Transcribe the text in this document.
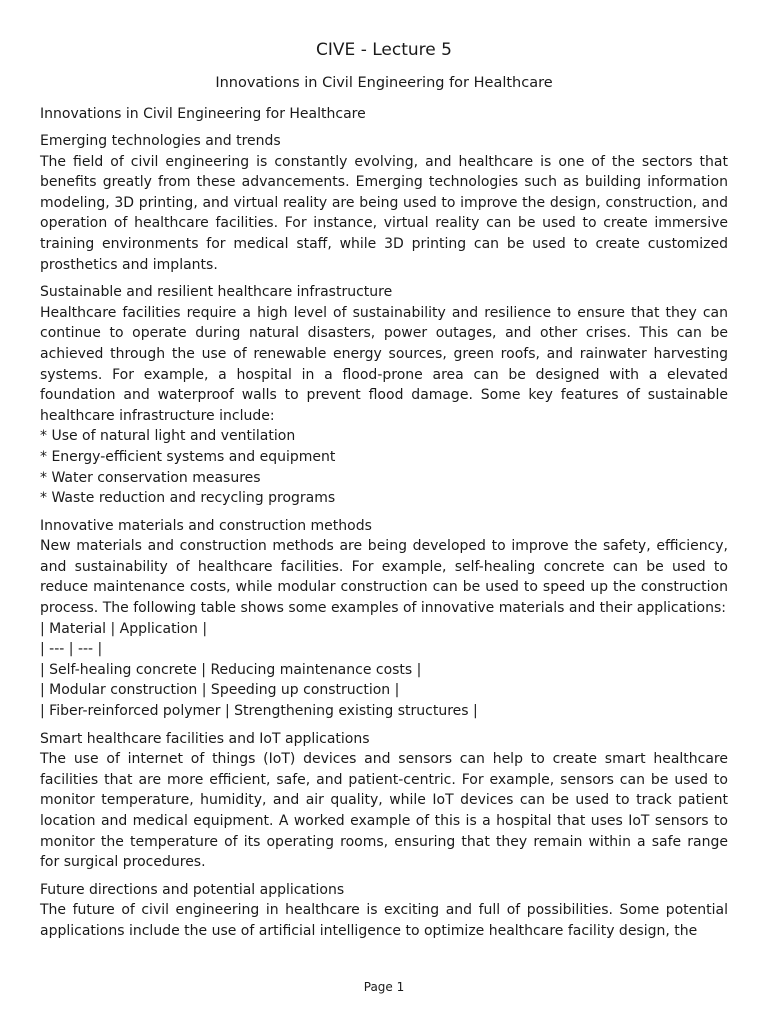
CIVE - Lecture 5
Innovations in Civil Engineering for Healthcare
Innovations in Civil Engineering for Healthcare
Emerging technologies and trends

The field of civil engineering is constantly evolving, and healthcare is one of the sectors that benefits greatly from these advancements. Emerging technologies such as building information modeling, 3D printing, and virtual reality are being used to improve the design, construction, and operation of healthcare facilities. For instance, virtual reality can be used to create immersive training environments for medical staff, while 3D printing can be used to create customized prosthetics and implants.

Sustainable and resilient healthcare infrastructure

Healthcare facilities require a high level of sustainability and resilience to ensure that they can continue to operate during natural disasters, power outages, and other crises. This can be achieved through the use of renewable energy sources, green roofs, and rainwater harvesting systems. For example, a hospital in a flood-prone area can be designed with a elevated foundation and waterproof walls to prevent flood damage. Some key features of sustainable healthcare infrastructure include:

* Use of natural light and ventilation
* Energy-efficient systems and equipment
* Water conservation measures
* Waste reduction and recycling programs
Innovative materials and construction methods

New materials and construction methods are being developed to improve the safety, efficiency, and sustainability of healthcare facilities. For example, self-healing concrete can be used to reduce maintenance costs, while modular construction can be used to speed up the construction process. The following table shows some examples of innovative materials and their applications:

| Material | Application |
| --- | --- |
| Self-healing concrete | Reducing maintenance costs |
| Modular construction | Speeding up construction |
| Fiber-reinforced polymer | Strengthening existing structures |
Smart healthcare facilities and IoT applications

The use of internet of things (IoT) devices and sensors can help to create smart healthcare facilities that are more efficient, safe, and patient-centric. For example, sensors can be used to monitor temperature, humidity, and air quality, while IoT devices can be used to track patient location and medical equipment. A worked example of this is a hospital that uses IoT sensors to monitor the temperature of its operating rooms, ensuring that they remain within a safe range for surgical procedures.

Future directions and potential applications

The future of civil engineering in healthcare is exciting and full of possibilities. Some potential applications include the use of artificial intelligence to optimize healthcare facility design, the

Page 1
